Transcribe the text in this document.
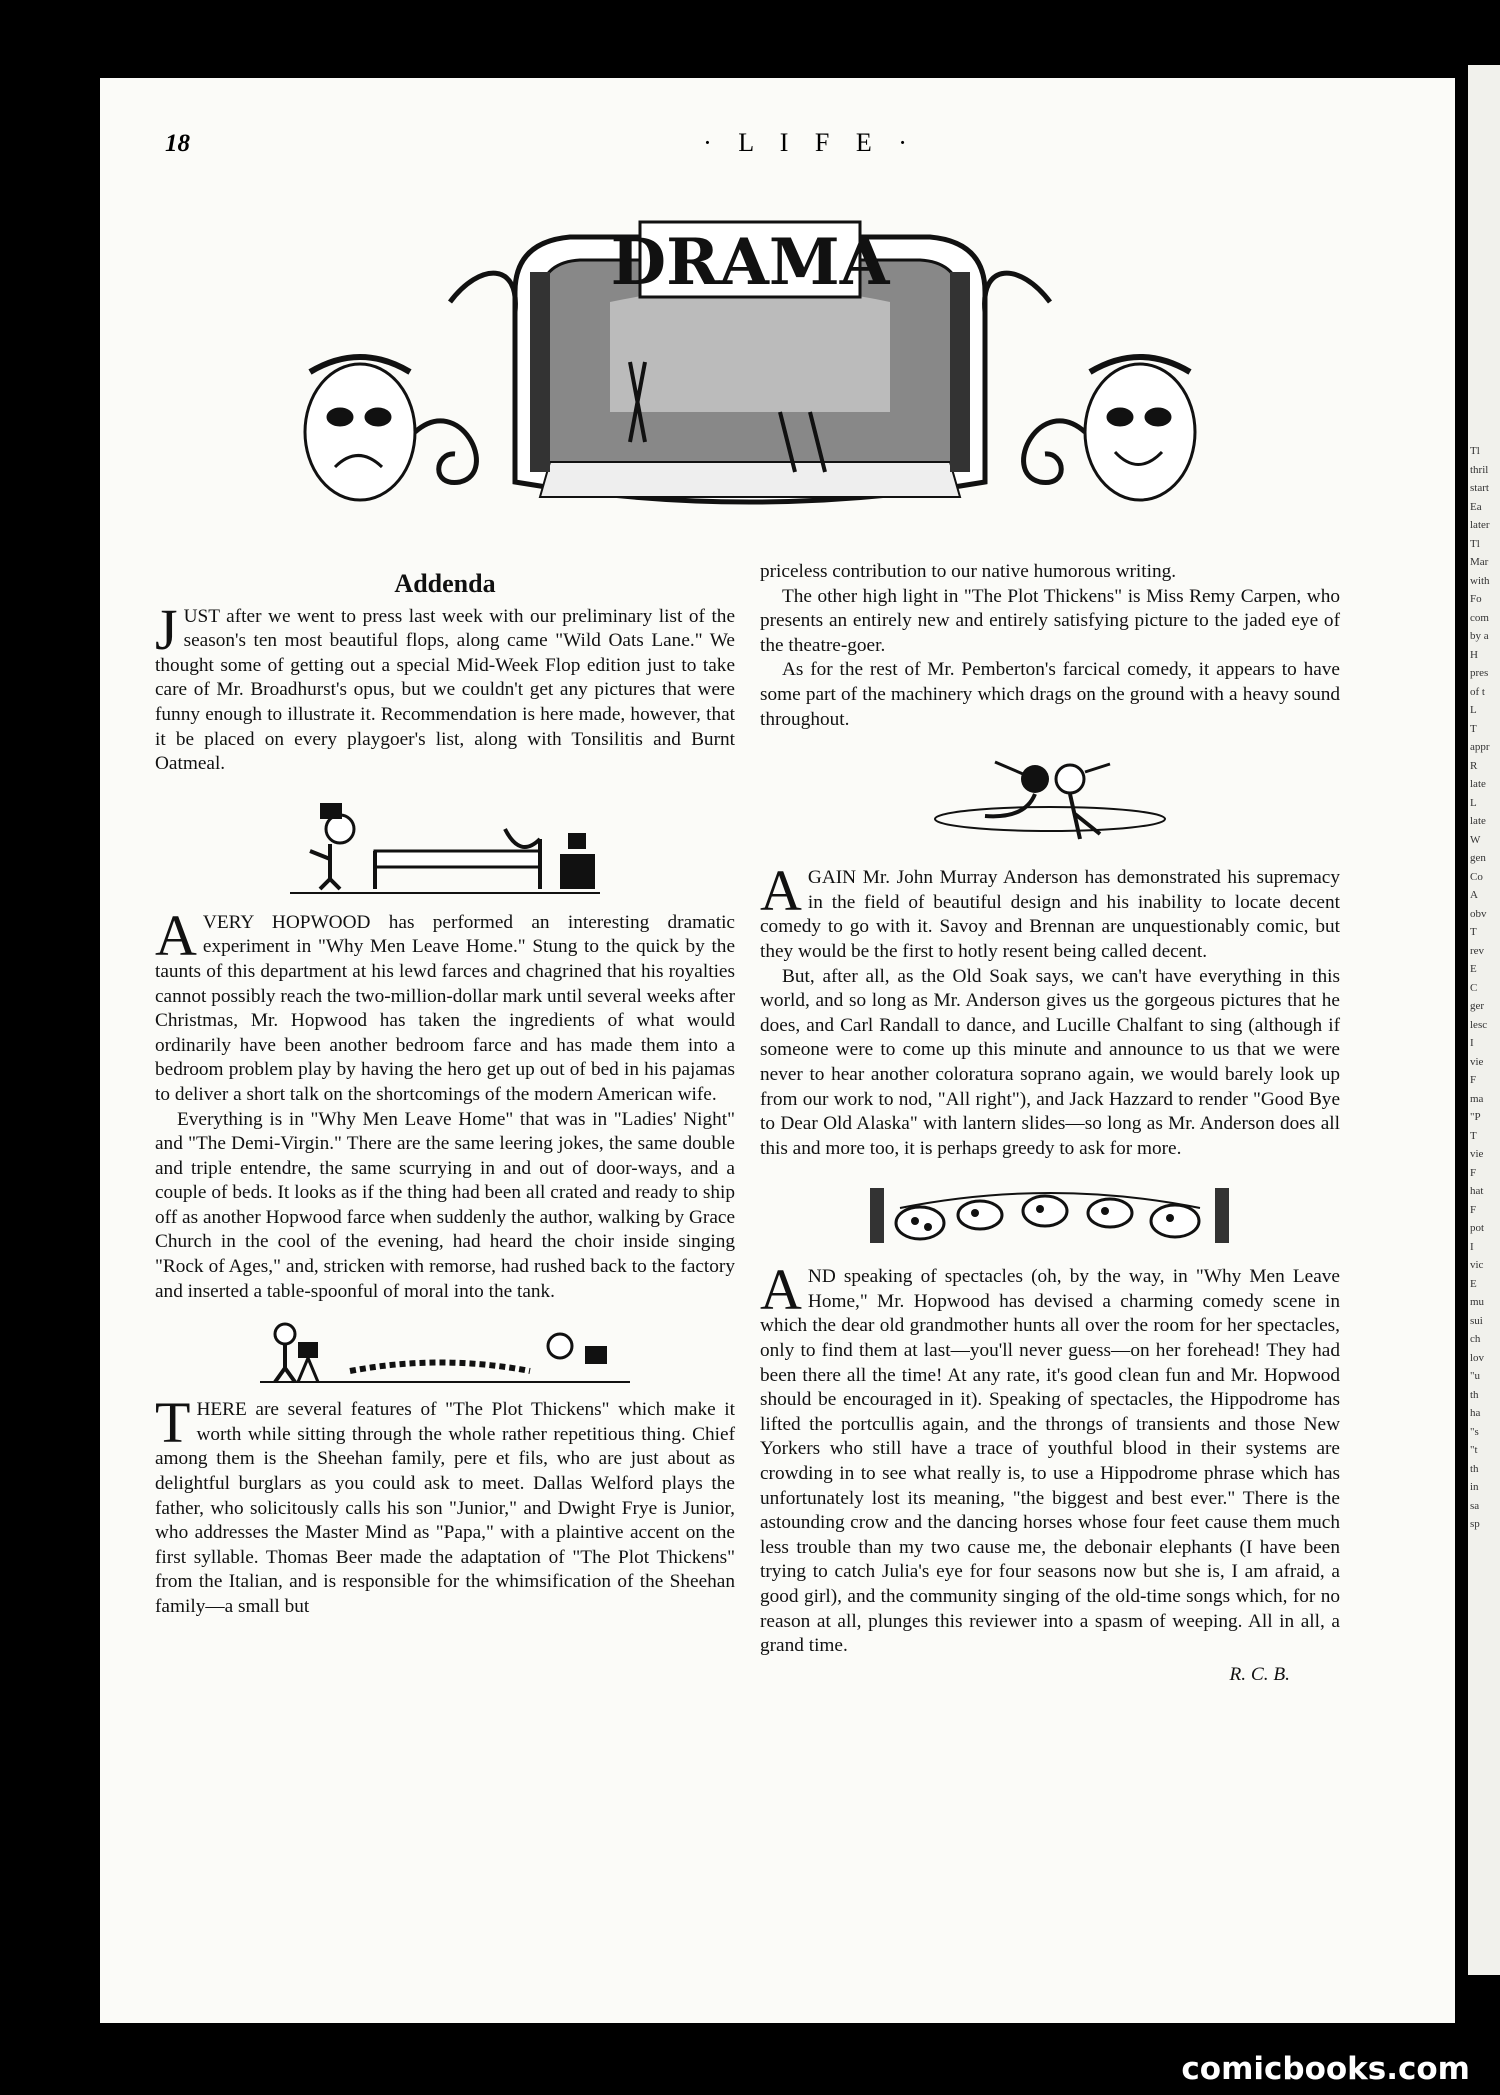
18	· L I F E ·
DRAMA
Addenda

JUST after we went to press last week with our preliminary list of the season's ten most beautiful flops, along came "Wild Oats Lane." We thought some of getting out a special Mid-Week Flop edition just to take care of Mr. Broadhurst's opus, but we couldn't get any pictures that were funny enough to illustrate it. Recommendation is here made, however, that it be placed on every playgoer's list, along with Tonsilitis and Burnt Oatmeal.

AVERY HOPWOOD has performed an interesting dramatic experiment in "Why Men Leave Home." Stung to the quick by the taunts of this department at his lewd farces and chagrined that his royalties cannot possibly reach the two-million-dollar mark until several weeks after Christmas, Mr. Hopwood has taken the ingredients of what would ordinarily have been another bedroom farce and has made them into a bedroom problem play by having the hero get up out of bed in his pajamas to deliver a short talk on the shortcomings of the modern American wife.

Everything is in "Why Men Leave Home" that was in "Ladies' Night" and "The Demi-Virgin." There are the same leering jokes, the same double and triple entendre, the same scurrying in and out of door-ways, and a couple of beds. It looks as if the thing had been all crated and ready to ship off as another Hopwood farce when suddenly the author, walking by Grace Church in the cool of the evening, had heard the choir inside singing "Rock of Ages," and, stricken with remorse, had rushed back to the factory and inserted a table-spoonful of moral into the tank.

THERE are several features of "The Plot Thickens" which make it worth while sitting through the whole rather repetitious thing. Chief among them is the Sheehan family, pere et fils, who are just about as delightful burglars as you could ask to meet. Dallas Welford plays the father, who solicitously calls his son "Junior," and Dwight Frye is Junior, who addresses the Master Mind as "Papa," with a plaintive accent on the first syllable. Thomas Beer made the adaptation of "The Plot Thickens" from the Italian, and is responsible for the whimsification of the Sheehan family—a small but

priceless contribution to our native humorous writing.

The other high light in "The Plot Thickens" is Miss Remy Carpen, who presents an entirely new and entirely satisfying picture to the jaded eye of the theatre-goer.

As for the rest of Mr. Pemberton's farcical comedy, it appears to have some part of the machinery which drags on the ground with a heavy sound throughout.

AGAIN Mr. John Murray Anderson has demonstrated his supremacy in the field of beautiful design and his inability to locate decent comedy to go with it. Savoy and Brennan are unquestionably comic, but they would be the first to hotly resent being called decent.

But, after all, as the Old Soak says, we can't have everything in this world, and so long as Mr. Anderson gives us the gorgeous pictures that he does, and Carl Randall to dance, and Lucille Chalfant to sing (although if someone were to come up this minute and announce to us that we were never to hear another coloratura soprano again, we would barely look up from our work to nod, "All right"), and Jack Hazzard to render "Good Bye to Dear Old Alaska" with lantern slides—so long as Mr. Anderson does all this and more too, it is perhaps greedy to ask for more.

AND speaking of spectacles (oh, by the way, in "Why Men Leave Home," Mr. Hopwood has devised a charming comedy scene in which the dear old grandmother hunts all over the room for her spectacles, only to find them at last—you'll never guess—on her forehead! They had been there all the time! At any rate, it's good clean fun and Mr. Hopwood should be encouraged in it). Speaking of spectacles, the Hippodrome has lifted the portcullis again, and the throngs of transients and those New Yorkers who still have a trace of youthful blood in their systems are crowding in to see what really is, to use a Hippodrome phrase which has unfortunately lost its meaning, "the biggest and best ever." There is the astounding crow and the dancing horses whose four feet cause them much less trouble than my two cause me, the debonair elephants (I have been trying to catch Julia's eye for four seasons now but she is, I am afraid, a good girl), and the community singing of the old-time songs which, for no reason at all, plunges this reviewer into a spasm of weeping. All in all, a grand time.

R. C. B.
Tl
thril
start
Ea
later
Tl
Mar
with
Fo
com
by a
H
pres
of t
L
T
appr
R
late
L
late
W
gen
Co
A
obv
T
rev
E
C
ger
lesc
I
vie
F
ma
"P
T
vie
F
hat
F
pot
I
vic
E
mu
sui
ch
lov
"u
th
ha
"s
"t
th
in
sa
sp
comicbooks.com
